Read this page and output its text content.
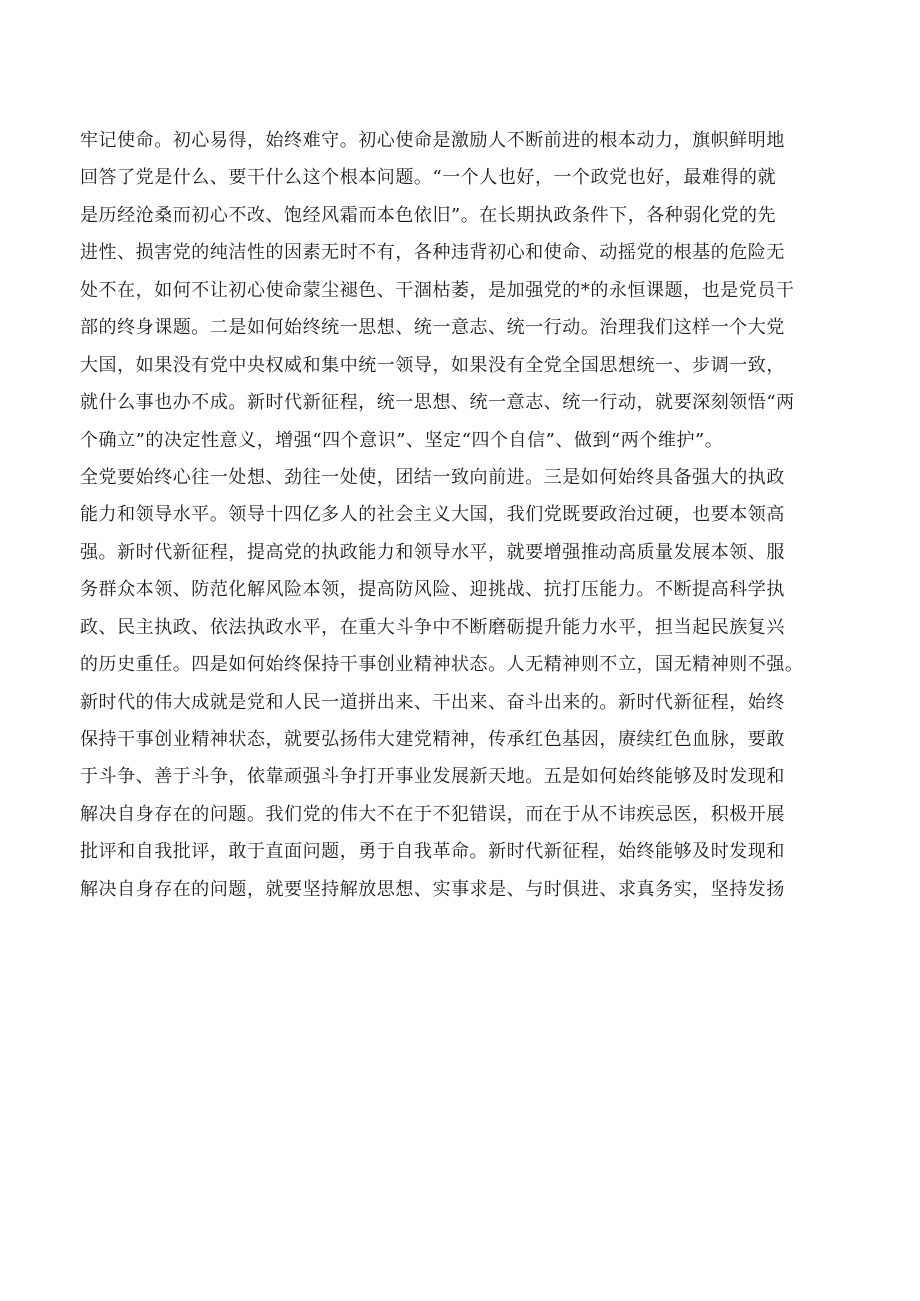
牢记使命。初心易得，始终难守。初心使命是激励人不断前进的根本动力，旗帜鲜明地
回答了党是什么、要干什么这个根本问题。“一个人也好，一个政党也好，最难得的就
是历经沧桑而初心不改、饱经风霜而本色依旧”。在长期执政条件下，各种弱化党的先
进性、损害党的纯洁性的因素无时不有，各种违背初心和使命、动摇党的根基的危险无
处不在，如何不让初心使命蒙尘褪色、干涸枯萎，是加强党的*的永恒课题，也是党员干
部的终身课题。二是如何始终统一思想、统一意志、统一行动。治理我们这样一个大党
大国，如果没有党中央权威和集中统一领导，如果没有全党全国思想统一、步调一致，
就什么事也办不成。新时代新征程，统一思想、统一意志、统一行动，就要深刻领悟“两
个确立”的决定性意义，增强“四个意识”、坚定“四个自信”、做到“两个维护”。
全党要始终心往一处想、劲往一处使，团结一致向前进。三是如何始终具备强大的执政
能力和领导水平。领导十四亿多人的社会主义大国，我们党既要政治过硬，也要本领高
强。新时代新征程，提高党的执政能力和领导水平，就要增强推动高质量发展本领、服
务群众本领、防范化解风险本领，提高防风险、迎挑战、抗打压能力。不断提高科学执
政、民主执政、依法执政水平，在重大斗争中不断磨砺提升能力水平，担当起民族复兴
的历史重任。四是如何始终保持干事创业精神状态。人无精神则不立，国无精神则不强。
新时代的伟大成就是党和人民一道拼出来、干出来、奋斗出来的。新时代新征程，始终
保持干事创业精神状态，就要弘扬伟大建党精神，传承红色基因，赓续红色血脉，要敢
于斗争、善于斗争，依靠顽强斗争打开事业发展新天地。五是如何始终能够及时发现和
解决自身存在的问题。我们党的伟大不在于不犯错误，而在于从不讳疾忌医，积极开展
批评和自我批评，敢于直面问题，勇于自我革命。新时代新征程，始终能够及时发现和
解决自身存在的问题，就要坚持解放思想、实事求是、与时俱进、求真务实，坚持发扬
